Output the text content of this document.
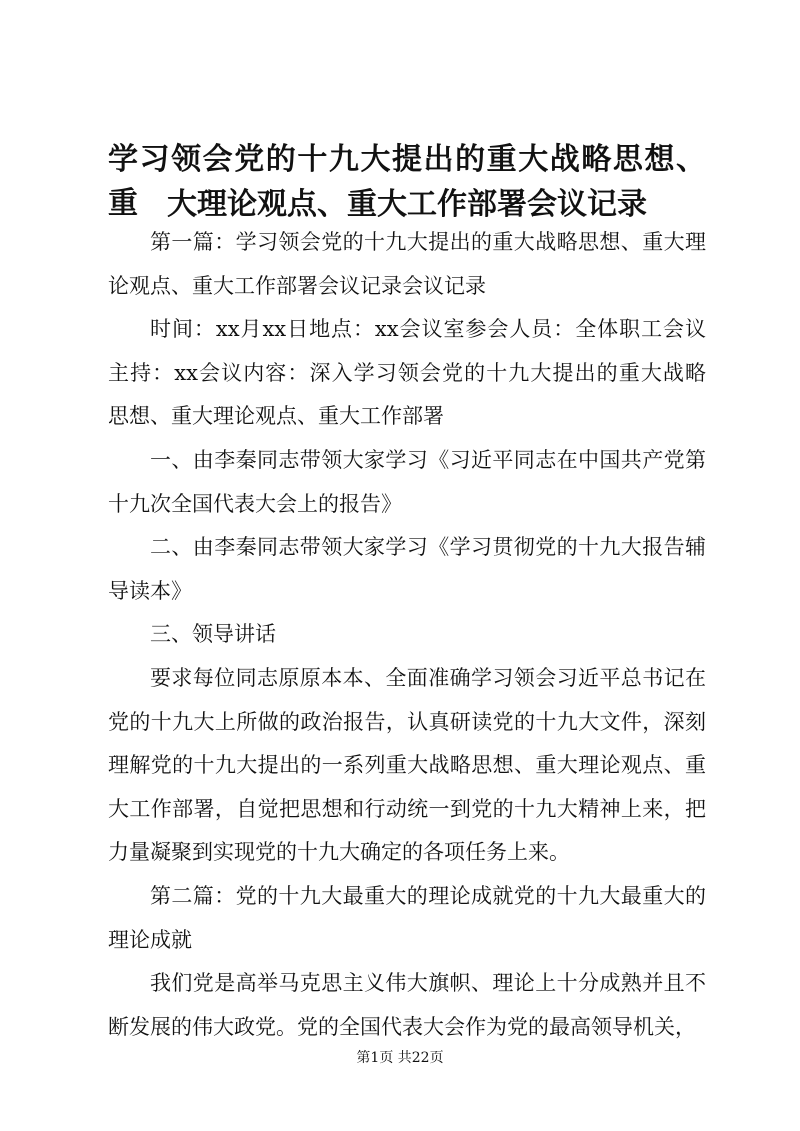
学习领会党的十九大提出的重大战略思想、重 大理论观点、重大工作部署会议记录
第一篇：学习领会党的十九大提出的重大战略思想、重大理
论观点、重大工作部署会议记录会议记录
时间：xx月xx日地点：xx会议室参会人员：全体职工会议
主持：xx会议内容：深入学习领会党的十九大提出的重大战略
思想、重大理论观点、重大工作部署
一、由李秦同志带领大家学习《习近平同志在中国共产党第
十九次全国代表大会上的报告》
二、由李秦同志带领大家学习《学习贯彻党的十九大报告辅
导读本》
三、领导讲话
要求每位同志原原本本、全面准确学习领会习近平总书记在
党的十九大上所做的政治报告，认真研读党的十九大文件，深刻
理解党的十九大提出的一系列重大战略思想、重大理论观点、重
大工作部署，自觉把思想和行动统一到党的十九大精神上来，把
力量凝聚到实现党的十九大确定的各项任务上来。
第二篇：党的十九大最重大的理论成就党的十九大最重大的
理论成就
我们党是高举马克思主义伟大旗帜、理论上十分成熟并且不
断发展的伟大政党。党的全国代表大会作为党的最高领导机关，
第1页 共22页
